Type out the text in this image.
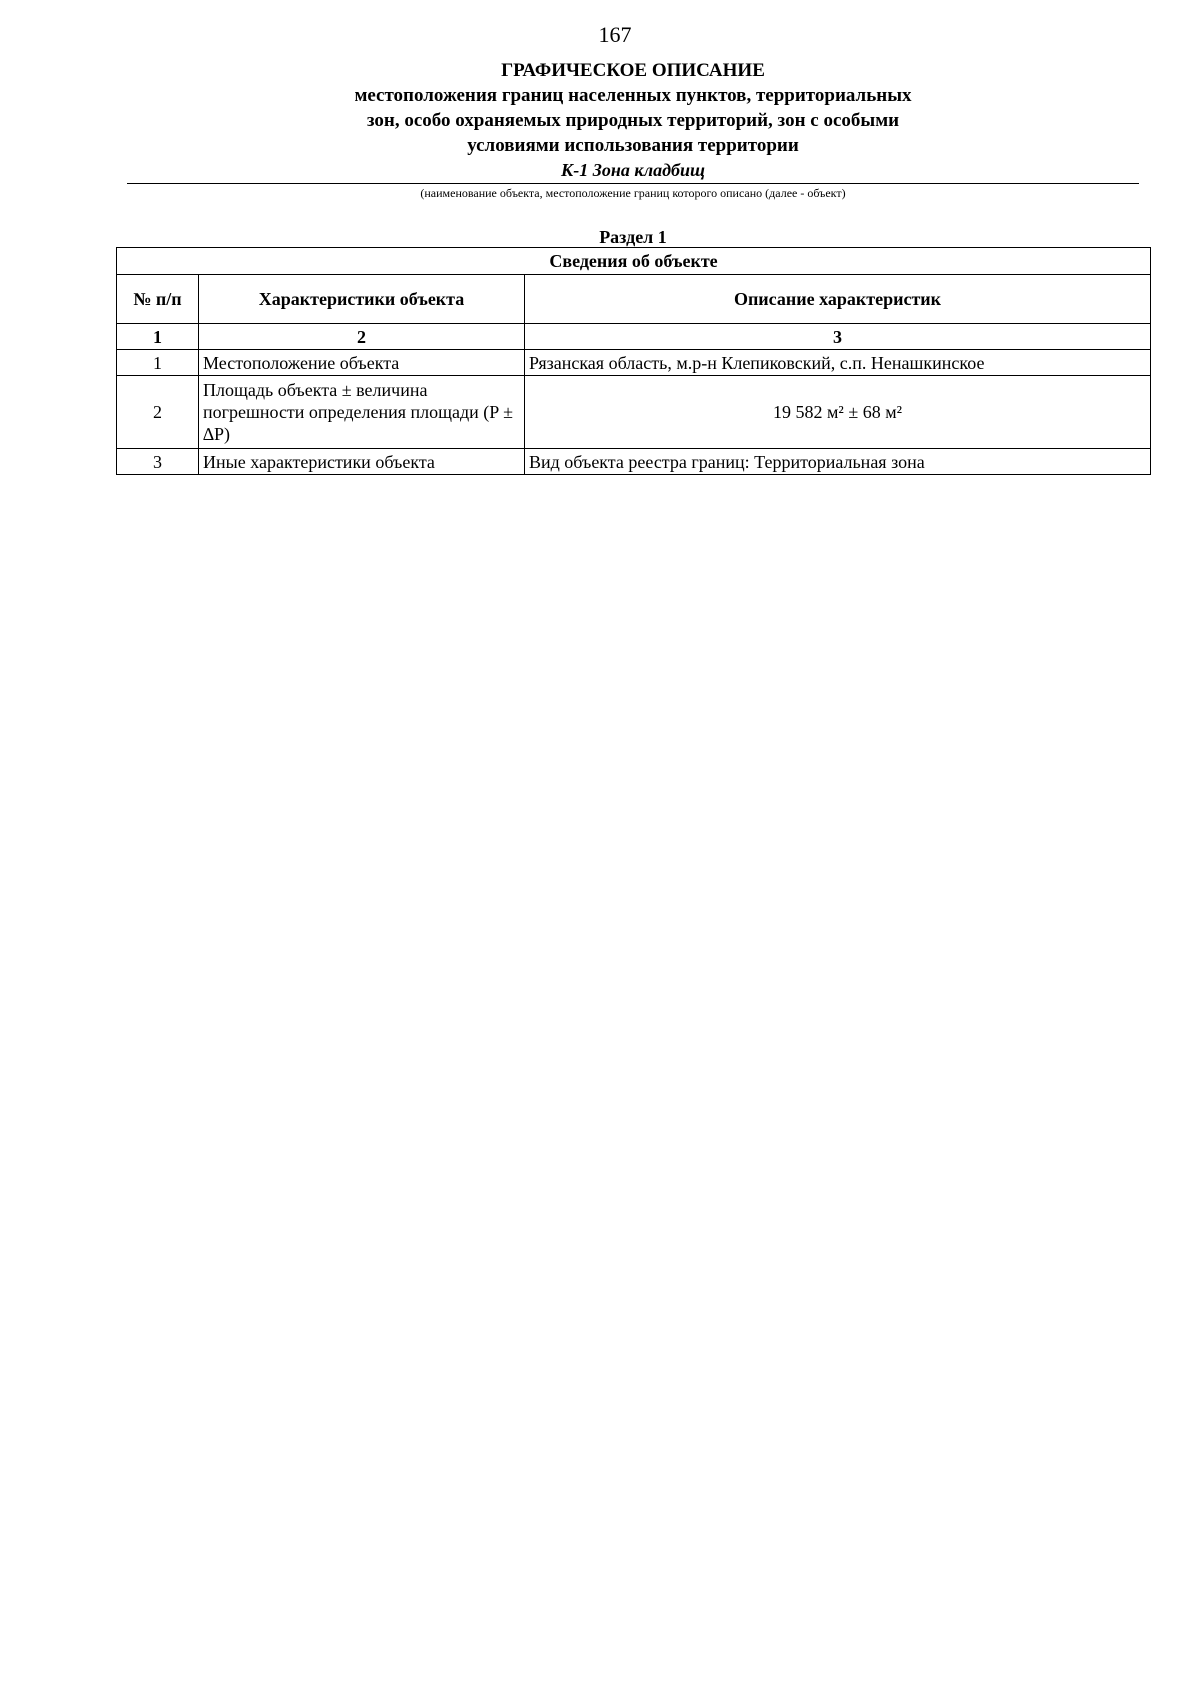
167
ГРАФИЧЕСКОЕ ОПИСАНИЕ
местоположения границ населенных пунктов, территориальных
зон, особо охраняемых природных территорий, зон с особыми
условиями использования территории
К-1 Зона кладбищ
(наименование объекта, местоположение границ которого описано (далее - объект)
Раздел 1
Сведения об объекте		
№ п/п	Характеристики объекта	Описание характеристик
1	2	3
1	Местоположение объекта	Рязанская область, м.р-н Клепиковский, с.п. Ненашкинское
2	Площадь объекта ± величина погрешности определения площади (P ± ∆P)	19 582 м² ± 68 м²
3	Иные характеристики объекта	Вид объекта реестра границ: Территориальная зона
